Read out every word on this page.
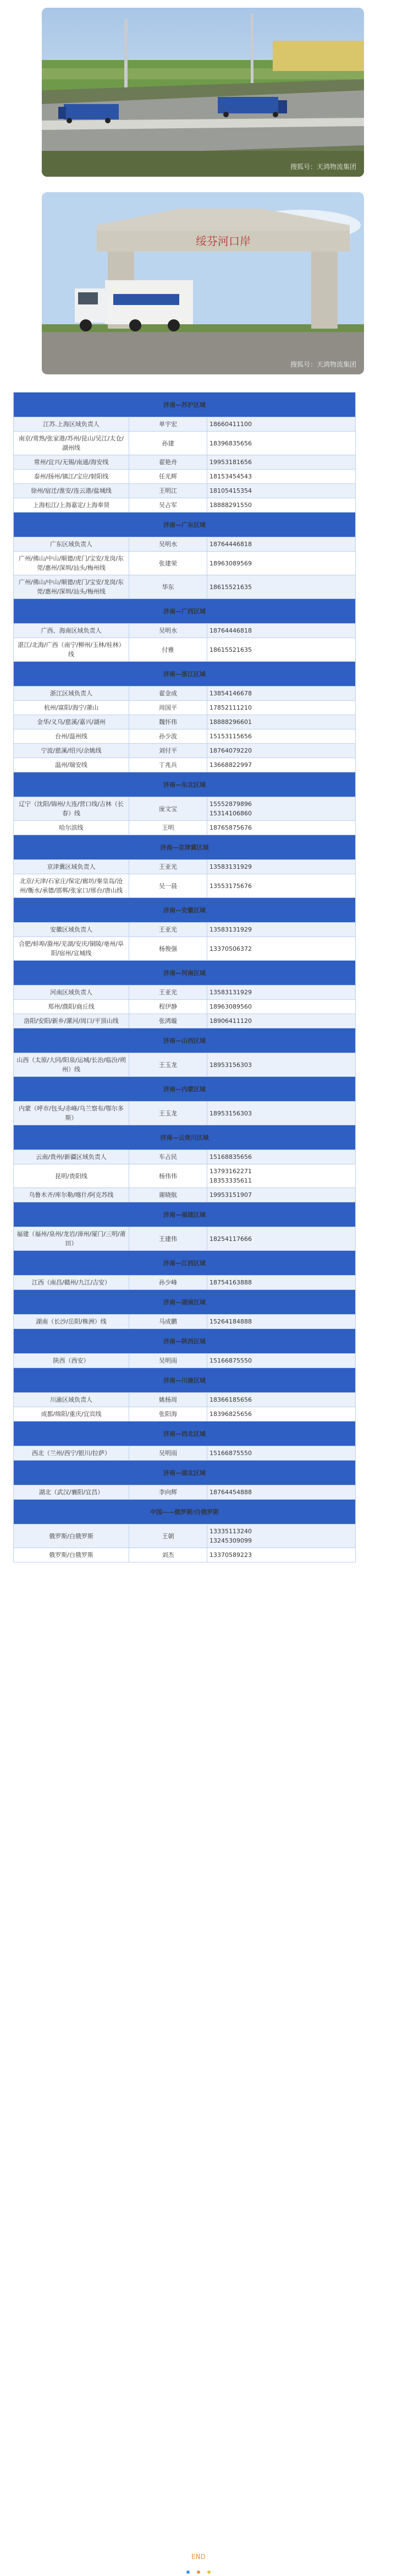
搜狐号：天鸿物流集团
绥芬河口岸
搜狐号：天鸿物流集团
济南—苏沪区域		
江苏.上海区域负责人	单宇宏	18660411100
南京/常熟/张家港/苏州/昆山/吴江/太仓/湖州线	孙建	18396835656
常州/宜兴/无锡/南通/海安线	翟艳舟	19953181656
泰州/扬州/镇江/宝应/射阳线	任光辉	18153454543
徐州/宿迁/淮安/连云港/盐城线	王明江	18105415354
上海松江/上海嘉定/上海奉贤	吴占军	18888291550
济南—广东区域		
广东区域负责人	吴明水	18764446818
广州/佛山/中山/顺德/虎门/宝安/龙岗/东莞/惠州/深圳/汕头/梅州线	张建荣	18963089569
广州/佛山/中山/顺德/虎门/宝安/龙岗/东莞/惠州/深圳/汕头/梅州线	华东	18615521635
济南—广西区域		
广西、海南区域负责人	吴明水	18764446818
湛江/北海/广西（南宁/柳州/玉林/桂林）线	付雅	18615521635
济南—浙江区域		
浙江区域负责人	翟金成	13854146678
杭州/富阳/海宁/萧山	周国平	17852111210
金华/义乌/慈溪/嘉兴/湖州	魏怀伟	18888296601
台州/温州线	孙少波	15153115656
宁波/慈溪/绍兴/余姚线	刘付平	18764079220
温州/瑞安线	丁兆兵	13668822997
济南—东北区域		
辽宁（沈阳/锦州/大连/营口线/吉林（长春）线	庞文宝	15552879896
15314106860
哈尔滨线	王明	18765875676
济南—京津冀区域		
京津冀区域负责人	王亚光	13583131929
北京/天津/石家庄/保定/廊坊/秦皇岛/沧州/衡水/承德/邯郸/张家口/邢台/唐山线	吴一晨	13553175676
济南—安徽区域		
安徽区域负责人	王亚光	13583131929
合肥/蚌埠/滁州/芜湖/安庆/铜陵/亳州/阜阳/宿州/宣城线	杨俊强	13370506372
济南—河南区域		
河南区域负责人	王亚光	13583131929
郑州/濮阳/商丘线	程伊静	18963089560
洛阳/安阳/新乡/漯河/周口/平顶山线	张鸿璇	18906411120
济南—山西区域		
山西（太原/大同/阳泉/运城/长治/临汾/朔州）线	王玉龙	18953156303
济南—内蒙区域		
内蒙（呼市/包头/赤峰/乌兰察布/鄂尔多斯）	王玉龙	18953156303
济南—云贵川区域		
云南/贵州/新疆区域负责人	车占民	15168835656
昆明/贵阳线	杨伟伟	13793162271
18353335611
乌鲁木齐/库尔勒/喀什/阿克苏线	谢晓航	19953151907
济南—福建区域		
福建（福州/泉州/龙岩/漳州/厦门/三明/莆田）	王建伟	18254117666
济南—江西区域		
江西（南昌/赣州/九江/吉安）	孙少峰	18754163888
济南—湖南区域		
湖南（长沙/岳阳/株洲）线	马成鹏	15264184888
济南—陕西区域		
陕西（西安）	吴明雨	15166875550
济南—川渝区域		
川渝区域负责人	姚杨周	18366185656
成都/绵阳/重庆/宜宾线	张阳海	18396825656
济南—西北区域		
西北（兰州/西宁/银川/拉萨）	吴明雨	15166875550
济南—湖北区域		
湖北（武汉/襄阳/宜昌）	李向辉	18764454888
中国——俄罗斯/白俄罗斯		
俄罗斯/白俄罗斯	王朝	13335113240
13245309099
俄罗斯/白俄罗斯	刘杰	13370589223
END
